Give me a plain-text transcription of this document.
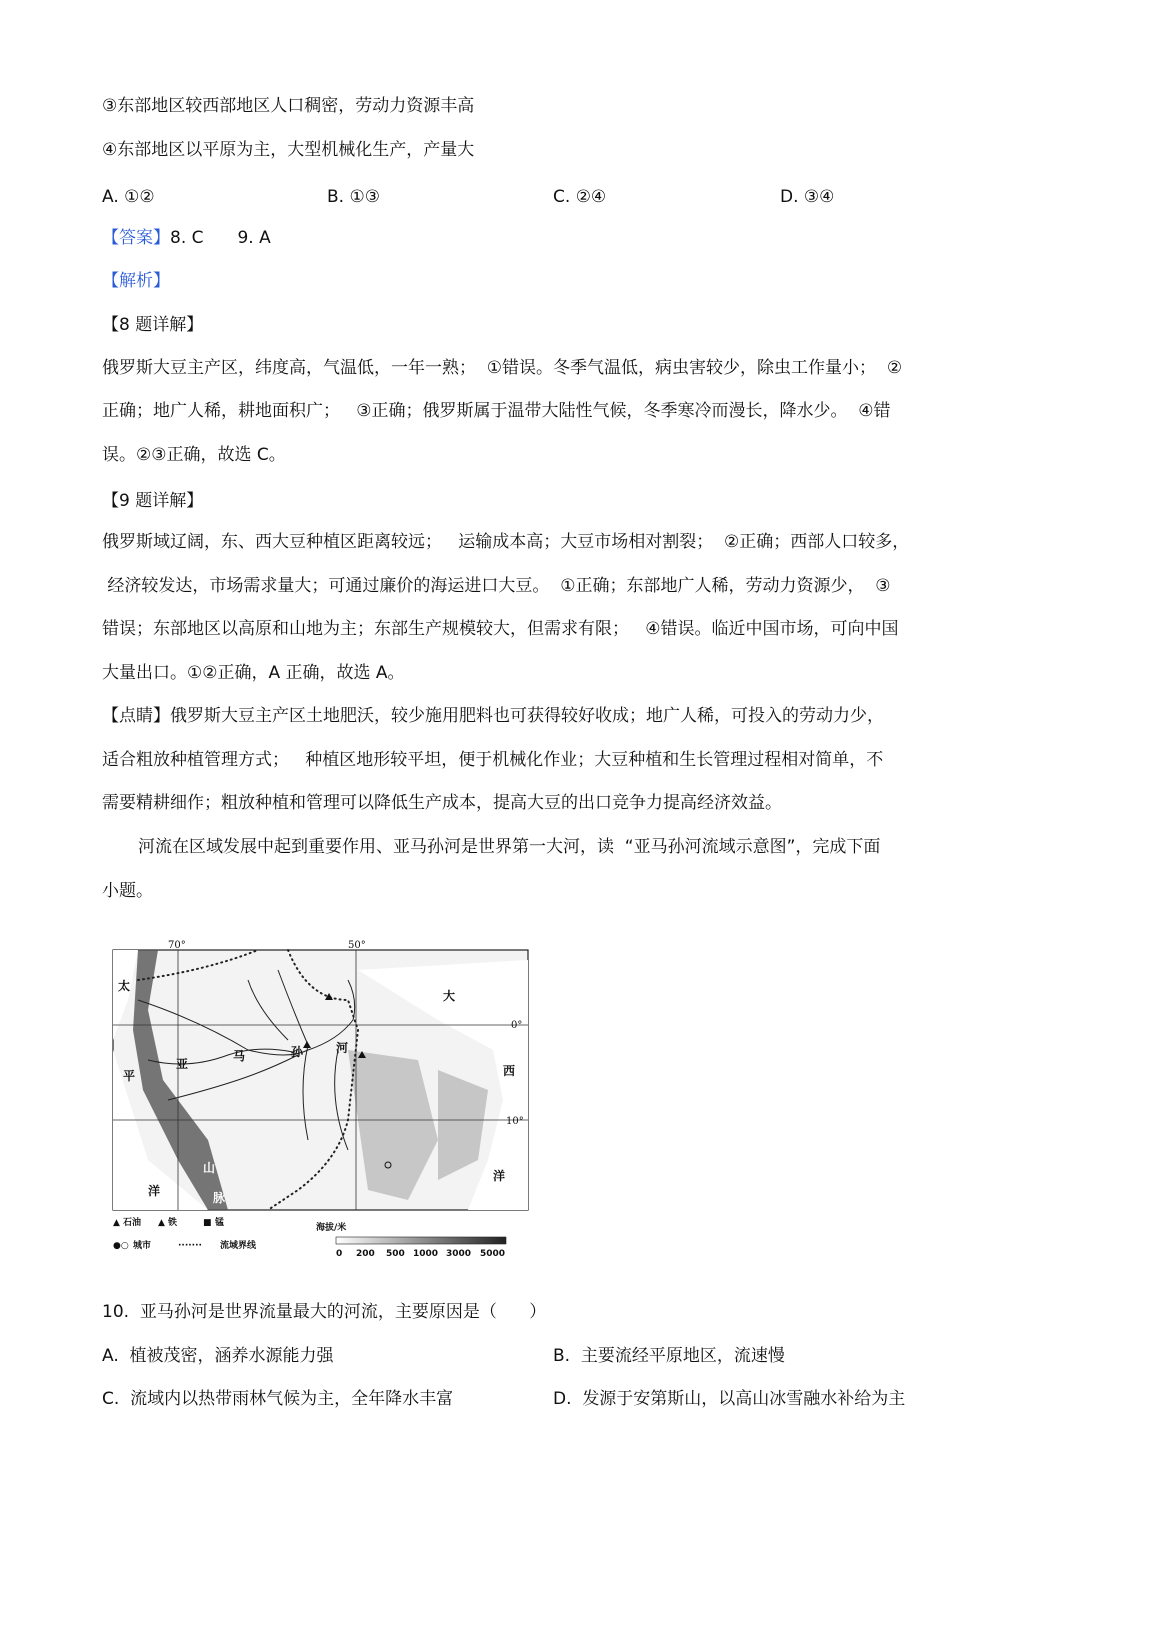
③东部地区较西部地区人口稠密，劳动力资源丰高
④东部地区以平原为主，大型机械化生产，产量大
A. ①②	B. ①③	C. ②④	D. ③④
【答案】8. C　　9. A
【解析】
【8 题详解】
俄罗斯大豆主产区，纬度高，气温低，一年一熟；  ①错误。冬季气温低，病虫害较少，除虫工作量小；  ②
正确；地广人稀，耕地面积广；   ③正确；俄罗斯属于温带大陆性气候，冬季寒冷而漫长，降水少。  ④错
误。②③正确，故选 C。
【9 题详解】
俄罗斯域辽阔，东、西大豆种植区距离较远；   运输成本高；大豆市场相对割裂；  ②正确；西部人口较多，
经济较发达，市场需求量大；可通过廉价的海运进口大豆。  ①正确；东部地广人稀，劳动力资源少，  ③
错误；东部地区以高原和山地为主；东部生产规模较大，但需求有限；   ④错误。临近中国市场，可向中国
大量出口。①②正确，A 正确，故选 A。
【点睛】俄罗斯大豆主产区土地肥沃，较少施用肥料也可获得较好收成；地广人稀，可投入的劳动力少，
适合粗放种植管理方式；   种植区地形较平坦，便于机械化作业；大豆种植和生长管理过程相对简单，不
需要精耕细作；粗放种植和管理可以降低生产成本，提高大豆的出口竞争力提高经济效益。
河流在区域发展中起到重要作用、亚马孙河是世界第一大河，读  “亚马孙河流域示意图”，完成下面
小题。
70°	50°
0°
10°
太
平
洋
大
西
洋
亚
马	孙	河
山
脉
▲ 石油 ▲ 铁	■ 锰
●○ 城市	······· 流域界线
海拔/米
0 200 500 1000 3000 5000
10.  亚马孙河是世界流量最大的河流，主要原因是（      ）
A. 植被茂密，涵养水源能力强	B. 主要流经平原地区，流速慢
C. 流域内以热带雨林气候为主，全年降水丰富	D. 发源于安第斯山，以高山冰雪融水补给为主
